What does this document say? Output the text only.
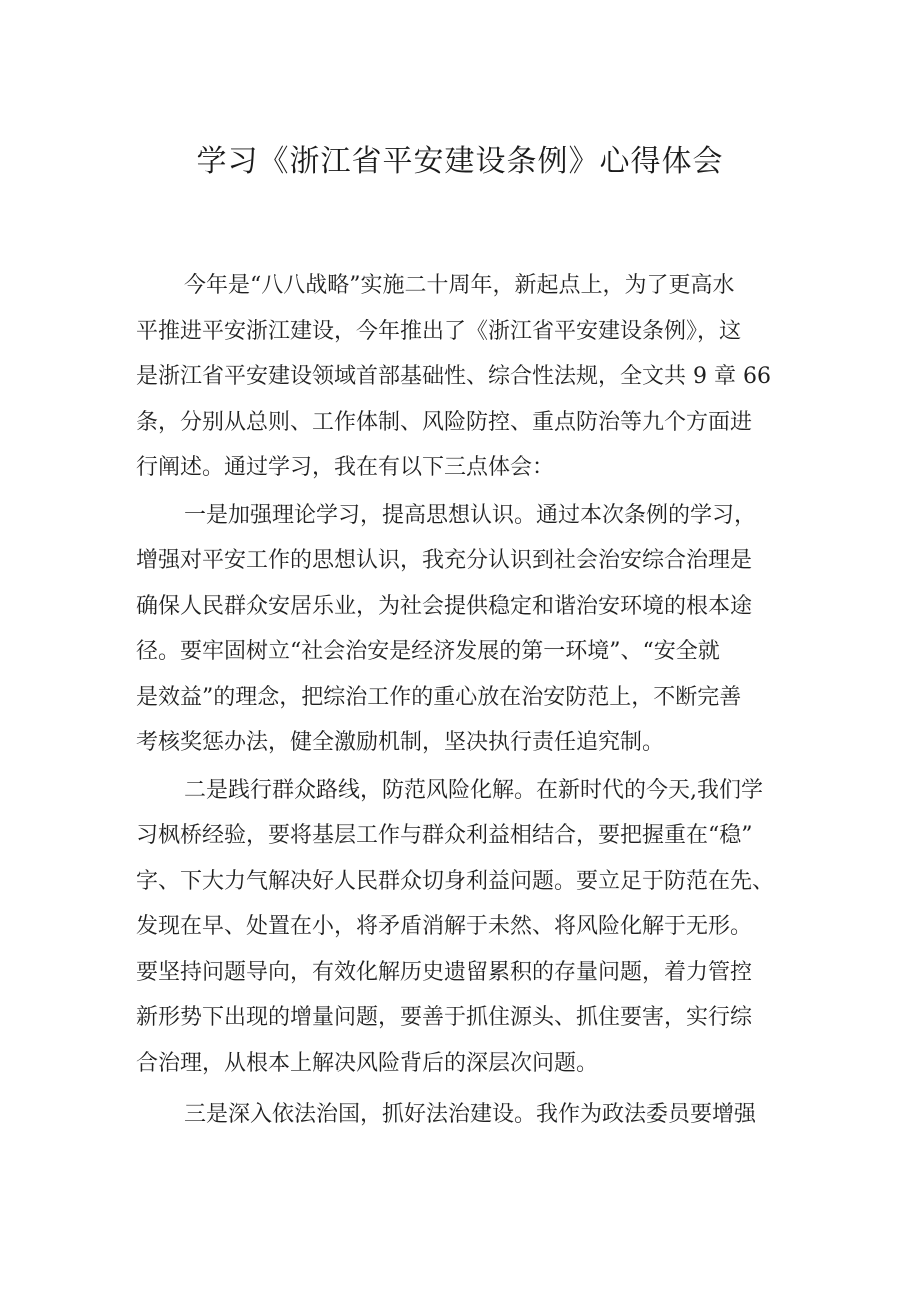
学习《浙江省平安建设条例》心得体会
今年是“八八战略”实施二十周年，新起点上，为了更高水
平推进平安浙江建设，今年推出了《浙江省平安建设条例》，这
是浙江省平安建设领域首部基础性、综合性法规，全文共 9 章 66
条，分别从总则、工作体制、风险防控、重点防治等九个方面进
行阐述。通过学习，我在有以下三点体会：
一是加强理论学习，提高思想认识。通过本次条例的学习，
增强对平安工作的思想认识，我充分认识到社会治安综合治理是
确保人民群众安居乐业，为社会提供稳定和谐治安环境的根本途
径。要牢固树立“社会治安是经济发展的第一环境”、“安全就
是效益”的理念，把综治工作的重心放在治安防范上，不断完善
考核奖惩办法，健全激励机制，坚决执行责任追究制。
二是践行群众路线，防范风险化解。在新时代的今天,我们学
习枫桥经验，要将基层工作与群众利益相结合，要把握重在“稳”
字、下大力气解决好人民群众切身利益问题。要立足于防范在先、
发现在早、处置在小，将矛盾消解于未然、将风险化解于无形。
要坚持问题导向，有效化解历史遗留累积的存量问题，着力管控
新形势下出现的增量问题，要善于抓住源头、抓住要害，实行综
合治理，从根本上解决风险背后的深层次问题。
三是深入依法治国，抓好法治建设。我作为政法委员要增强
